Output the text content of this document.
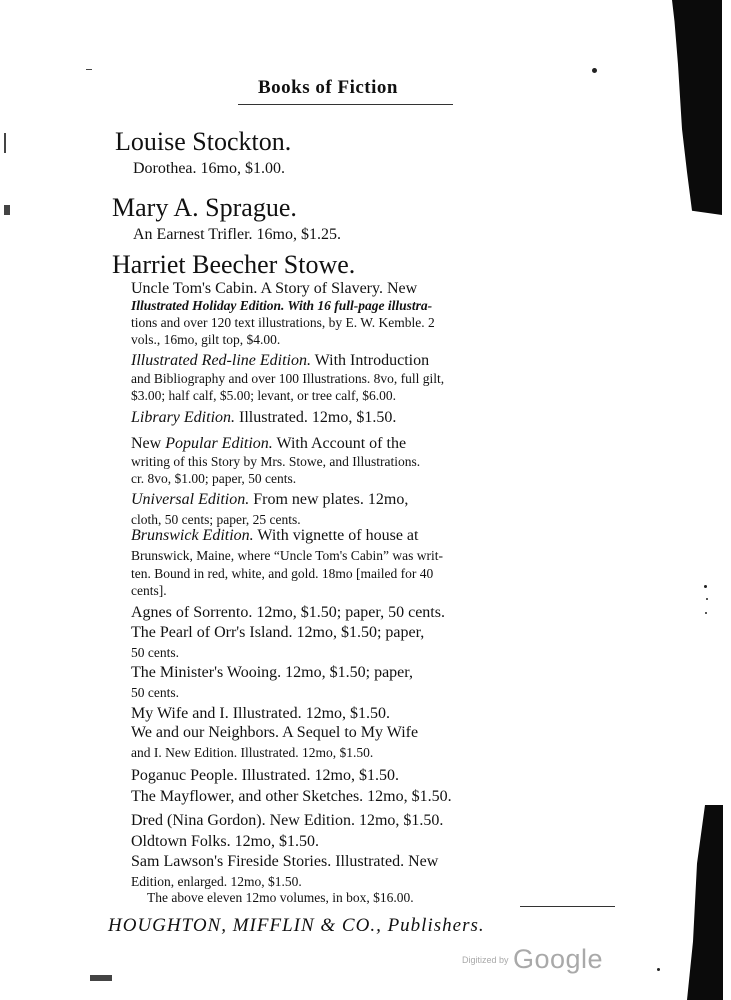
Books of Fiction
Louise Stockton.
Dorothea. 16mo, $1.00.
Mary A. Sprague.
An Earnest Trifler. 16mo, $1.25.
Harriet Beecher Stowe.
Uncle Tom's Cabin. A Story of Slavery. New
Illustrated Holiday Edition. With 16 full-page illustra-
tions and over 120 text illustrations, by E. W. Kemble. 2
vols., 16mo, gilt top, $4.00.
Illustrated Red-line Edition. With Introduction
and Bibliography and over 100 Illustrations. 8vo, full gilt,
$3.00; half calf, $5.00; levant, or tree calf, $6.00.
Library Edition. Illustrated. 12mo, $1.50.
New Popular Edition. With Account of the
writing of this Story by Mrs. Stowe, and Illustrations.
cr. 8vo, $1.00; paper, 50 cents.
Universal Edition. From new plates. 12mo,
cloth, 50 cents; paper, 25 cents.
Brunswick Edition. With vignette of house at
Brunswick, Maine, where “Uncle Tom's Cabin” was writ-
ten. Bound in red, white, and gold. 18mo [mailed for 40
cents].
Agnes of Sorrento. 12mo, $1.50; paper, 50 cents.
The Pearl of Orr's Island. 12mo, $1.50; paper,
50 cents.
The Minister's Wooing. 12mo, $1.50; paper,
50 cents.
My Wife and I. Illustrated. 12mo, $1.50.
We and our Neighbors. A Sequel to My Wife
and I. New Edition. Illustrated. 12mo, $1.50.
Poganuc People. Illustrated. 12mo, $1.50.
The Mayflower, and other Sketches. 12mo, $1.50.
Dred (Nina Gordon). New Edition. 12mo, $1.50.
Oldtown Folks. 12mo, $1.50.
Sam Lawson's Fireside Stories. Illustrated. New
Edition, enlarged. 12mo, $1.50.
The above eleven 12mo volumes, in box, $16.00.
HOUGHTON, MIFFLIN & CO., Publishers.
$^{Digitized by}$ Google
